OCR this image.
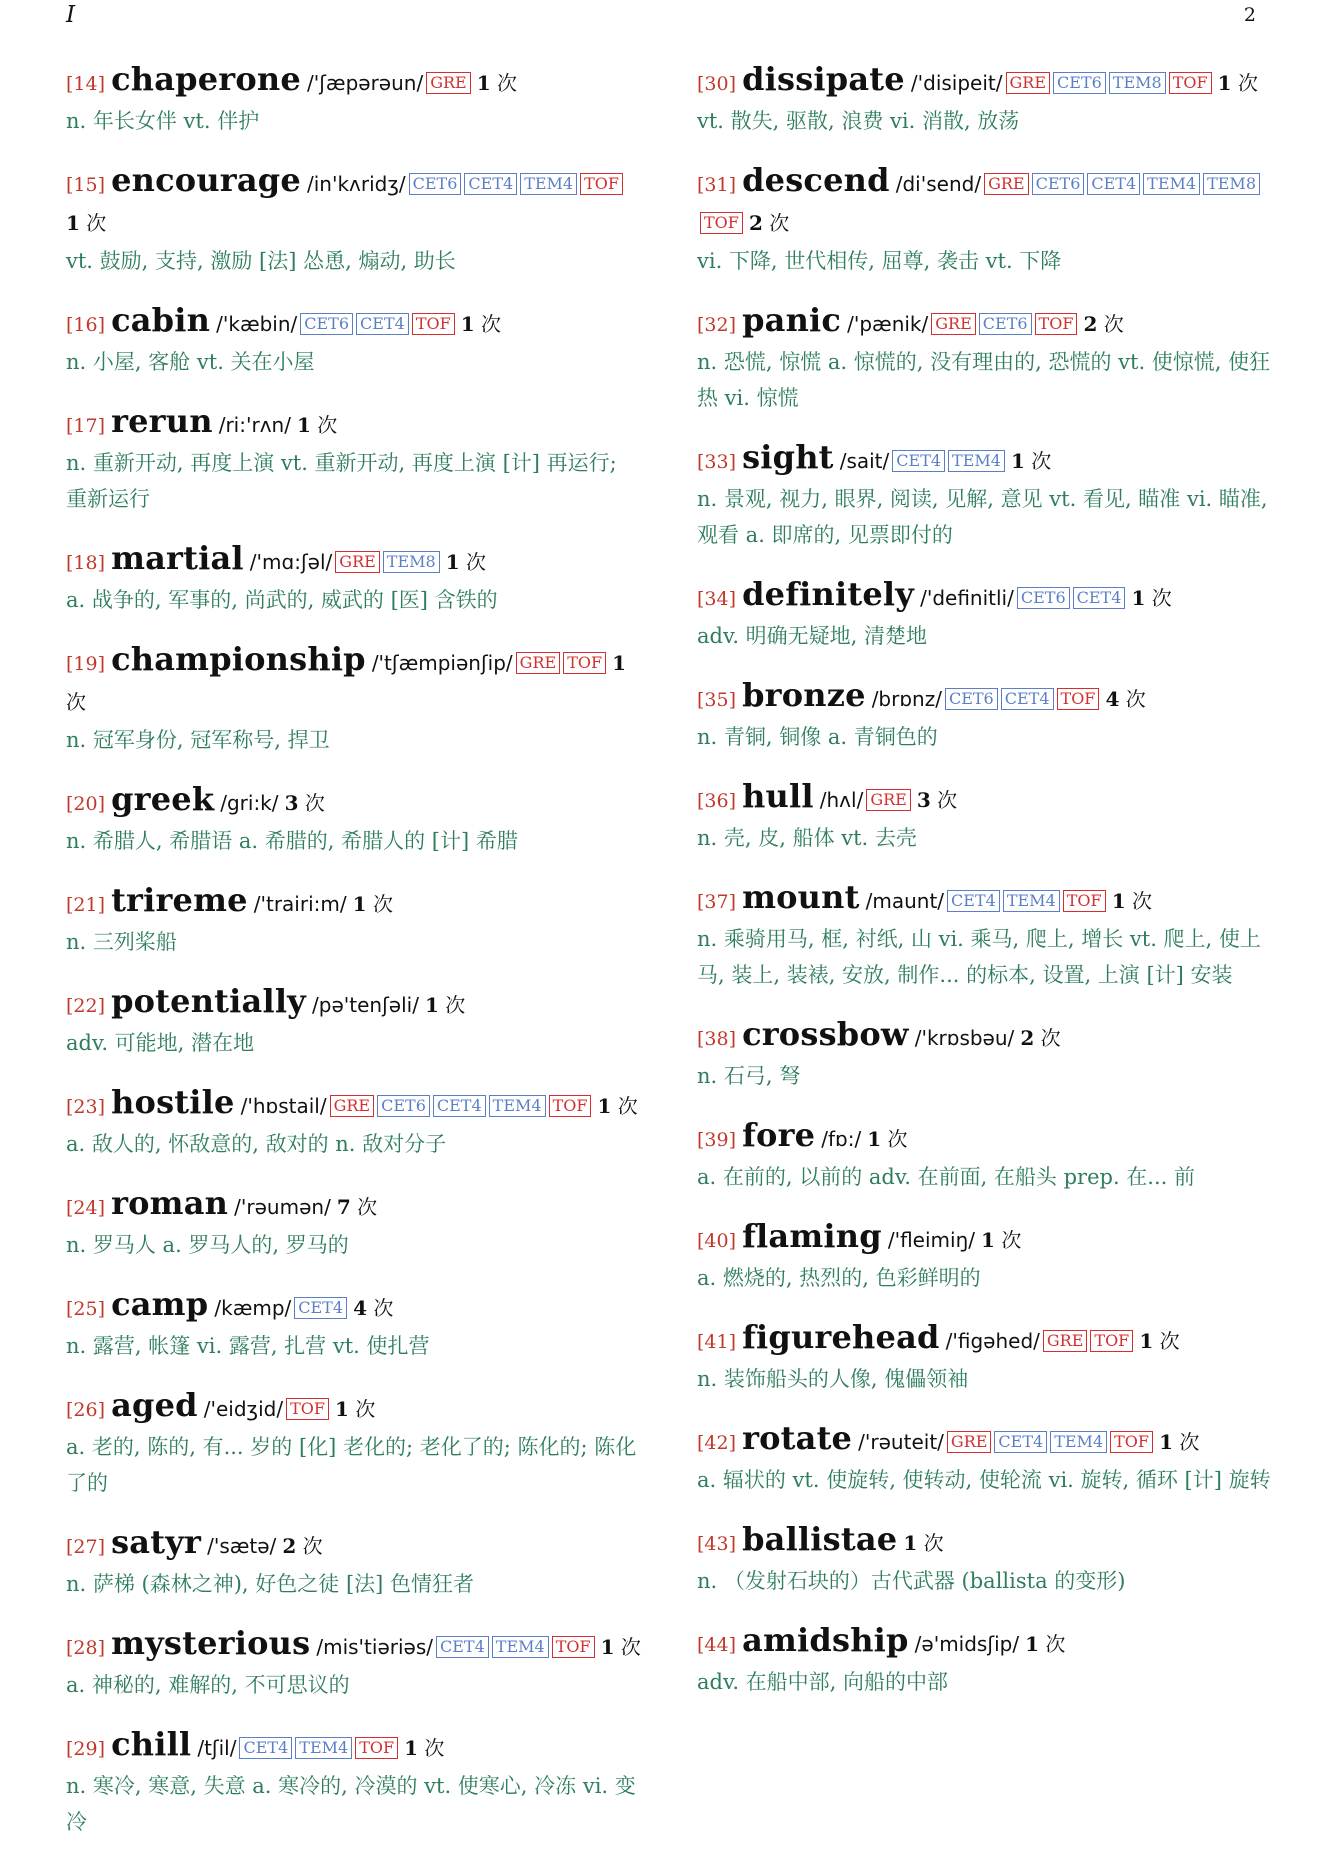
I	2
[14] chaperone /'ʃæpərəun/ GRE 1 次
n. 年长女伴 vt. 伴护
[15] encourage /in'kʌridʒ/ CET6 CET4 TEM4 TOF 1 次
vt. 鼓励, 支持, 激励 [法] 怂恿, 煽动, 助长
[16] cabin /'kæbin/ CET6 CET4 TOF 1 次
n. 小屋, 客舱 vt. 关在小屋
[17] rerun /ri:'rʌn/ 1 次
n. 重新开动, 再度上演 vt. 重新开动, 再度上演 [计] 再运行; 重新运行
[18] martial /'mɑ:ʃəl/ GRE TEM8 1 次
a. 战争的, 军事的, 尚武的, 威武的 [医] 含铁的
[19] championship /'tʃæmpiənʃip/ GRE TOF 1 次
n. 冠军身份, 冠军称号, 捍卫
[20] greek /gri:k/ 3 次
n. 希腊人, 希腊语 a. 希腊的, 希腊人的 [计] 希腊
[21] trireme /'trairi:m/ 1 次
n. 三列桨船
[22] potentially /pə'tenʃəli/ 1 次
adv. 可能地, 潜在地
[23] hostile /'hɒstail/ GRE CET6 CET4 TEM4 TOF 1 次
a. 敌人的, 怀敌意的, 敌对的 n. 敌对分子
[24] roman /'rəumən/ 7 次
n. 罗马人 a. 罗马人的, 罗马的
[25] camp /kæmp/ CET4 4 次
n. 露营, 帐篷 vi. 露营, 扎营 vt. 使扎营
[26] aged /'eidʒid/ TOF 1 次
a. 老的, 陈的, 有... 岁的 [化] 老化的; 老化了的; 陈化的; 陈化了的
[27] satyr /'sætə/ 2 次
n. 萨梯 (森林之神), 好色之徒 [法] 色情狂者
[28] mysterious /mis'tiəriəs/ CET4 TEM4 TOF 1 次
a. 神秘的, 难解的, 不可思议的
[29] chill /tʃil/ CET4 TEM4 TOF 1 次
n. 寒冷, 寒意, 失意 a. 寒冷的, 冷漠的 vt. 使寒心, 冷冻 vi. 变冷
[30] dissipate /'disipeit/ GRE CET6 TEM8 TOF 1 次
vt. 散失, 驱散, 浪费 vi. 消散, 放荡
[31] descend /di'send/ GRE CET6 CET4 TEM4 TEM8TOF 2 次
vi. 下降, 世代相传, 屈尊, 袭击 vt. 下降
[32] panic /'pænik/ GRE CET6 TOF 2 次
n. 恐慌, 惊慌 a. 惊慌的, 没有理由的, 恐慌的 vt. 使惊慌, 使狂热 vi. 惊慌
[33] sight /sait/ CET4 TEM4 1 次
n. 景观, 视力, 眼界, 阅读, 见解, 意见 vt. 看见, 瞄准 vi. 瞄准, 观看 a. 即席的, 见票即付的
[34] definitely /'definitli/ CET6 CET4 1 次
adv. 明确无疑地, 清楚地
[35] bronze /brɒnz/ CET6 CET4 TOF 4 次
n. 青铜, 铜像 a. 青铜色的
[36] hull /hʌl/ GRE 3 次
n. 壳, 皮, 船体 vt. 去壳
[37] mount /maunt/ CET4 TEM4 TOF 1 次
n. 乘骑用马, 框, 衬纸, 山 vi. 乘马, 爬上, 增长 vt. 爬上, 使上马, 装上, 装裱, 安放, 制作... 的标本, 设置, 上演 [计] 安装
[38] crossbow /'krɒsbəu/ 2 次
n. 石弓, 弩
[39] fore /fɒ:/ 1 次
a. 在前的, 以前的 adv. 在前面, 在船头 prep. 在... 前
[40] flaming /'fleimiŋ/ 1 次
a. 燃烧的, 热烈的, 色彩鲜明的
[41] figurehead /'figəhed/ GRE TOF 1 次
n. 装饰船头的人像, 傀儡领袖
[42] rotate /'rəuteit/ GRE CET4 TEM4 TOF 1 次
a. 辐状的 vt. 使旋转, 使转动, 使轮流 vi. 旋转, 循环 [计] 旋转
[43] ballistae 1 次
n. （发射石块的）古代武器 (ballista 的变形)
[44] amidship /ə'midsʃip/ 1 次
adv. 在船中部, 向船的中部
